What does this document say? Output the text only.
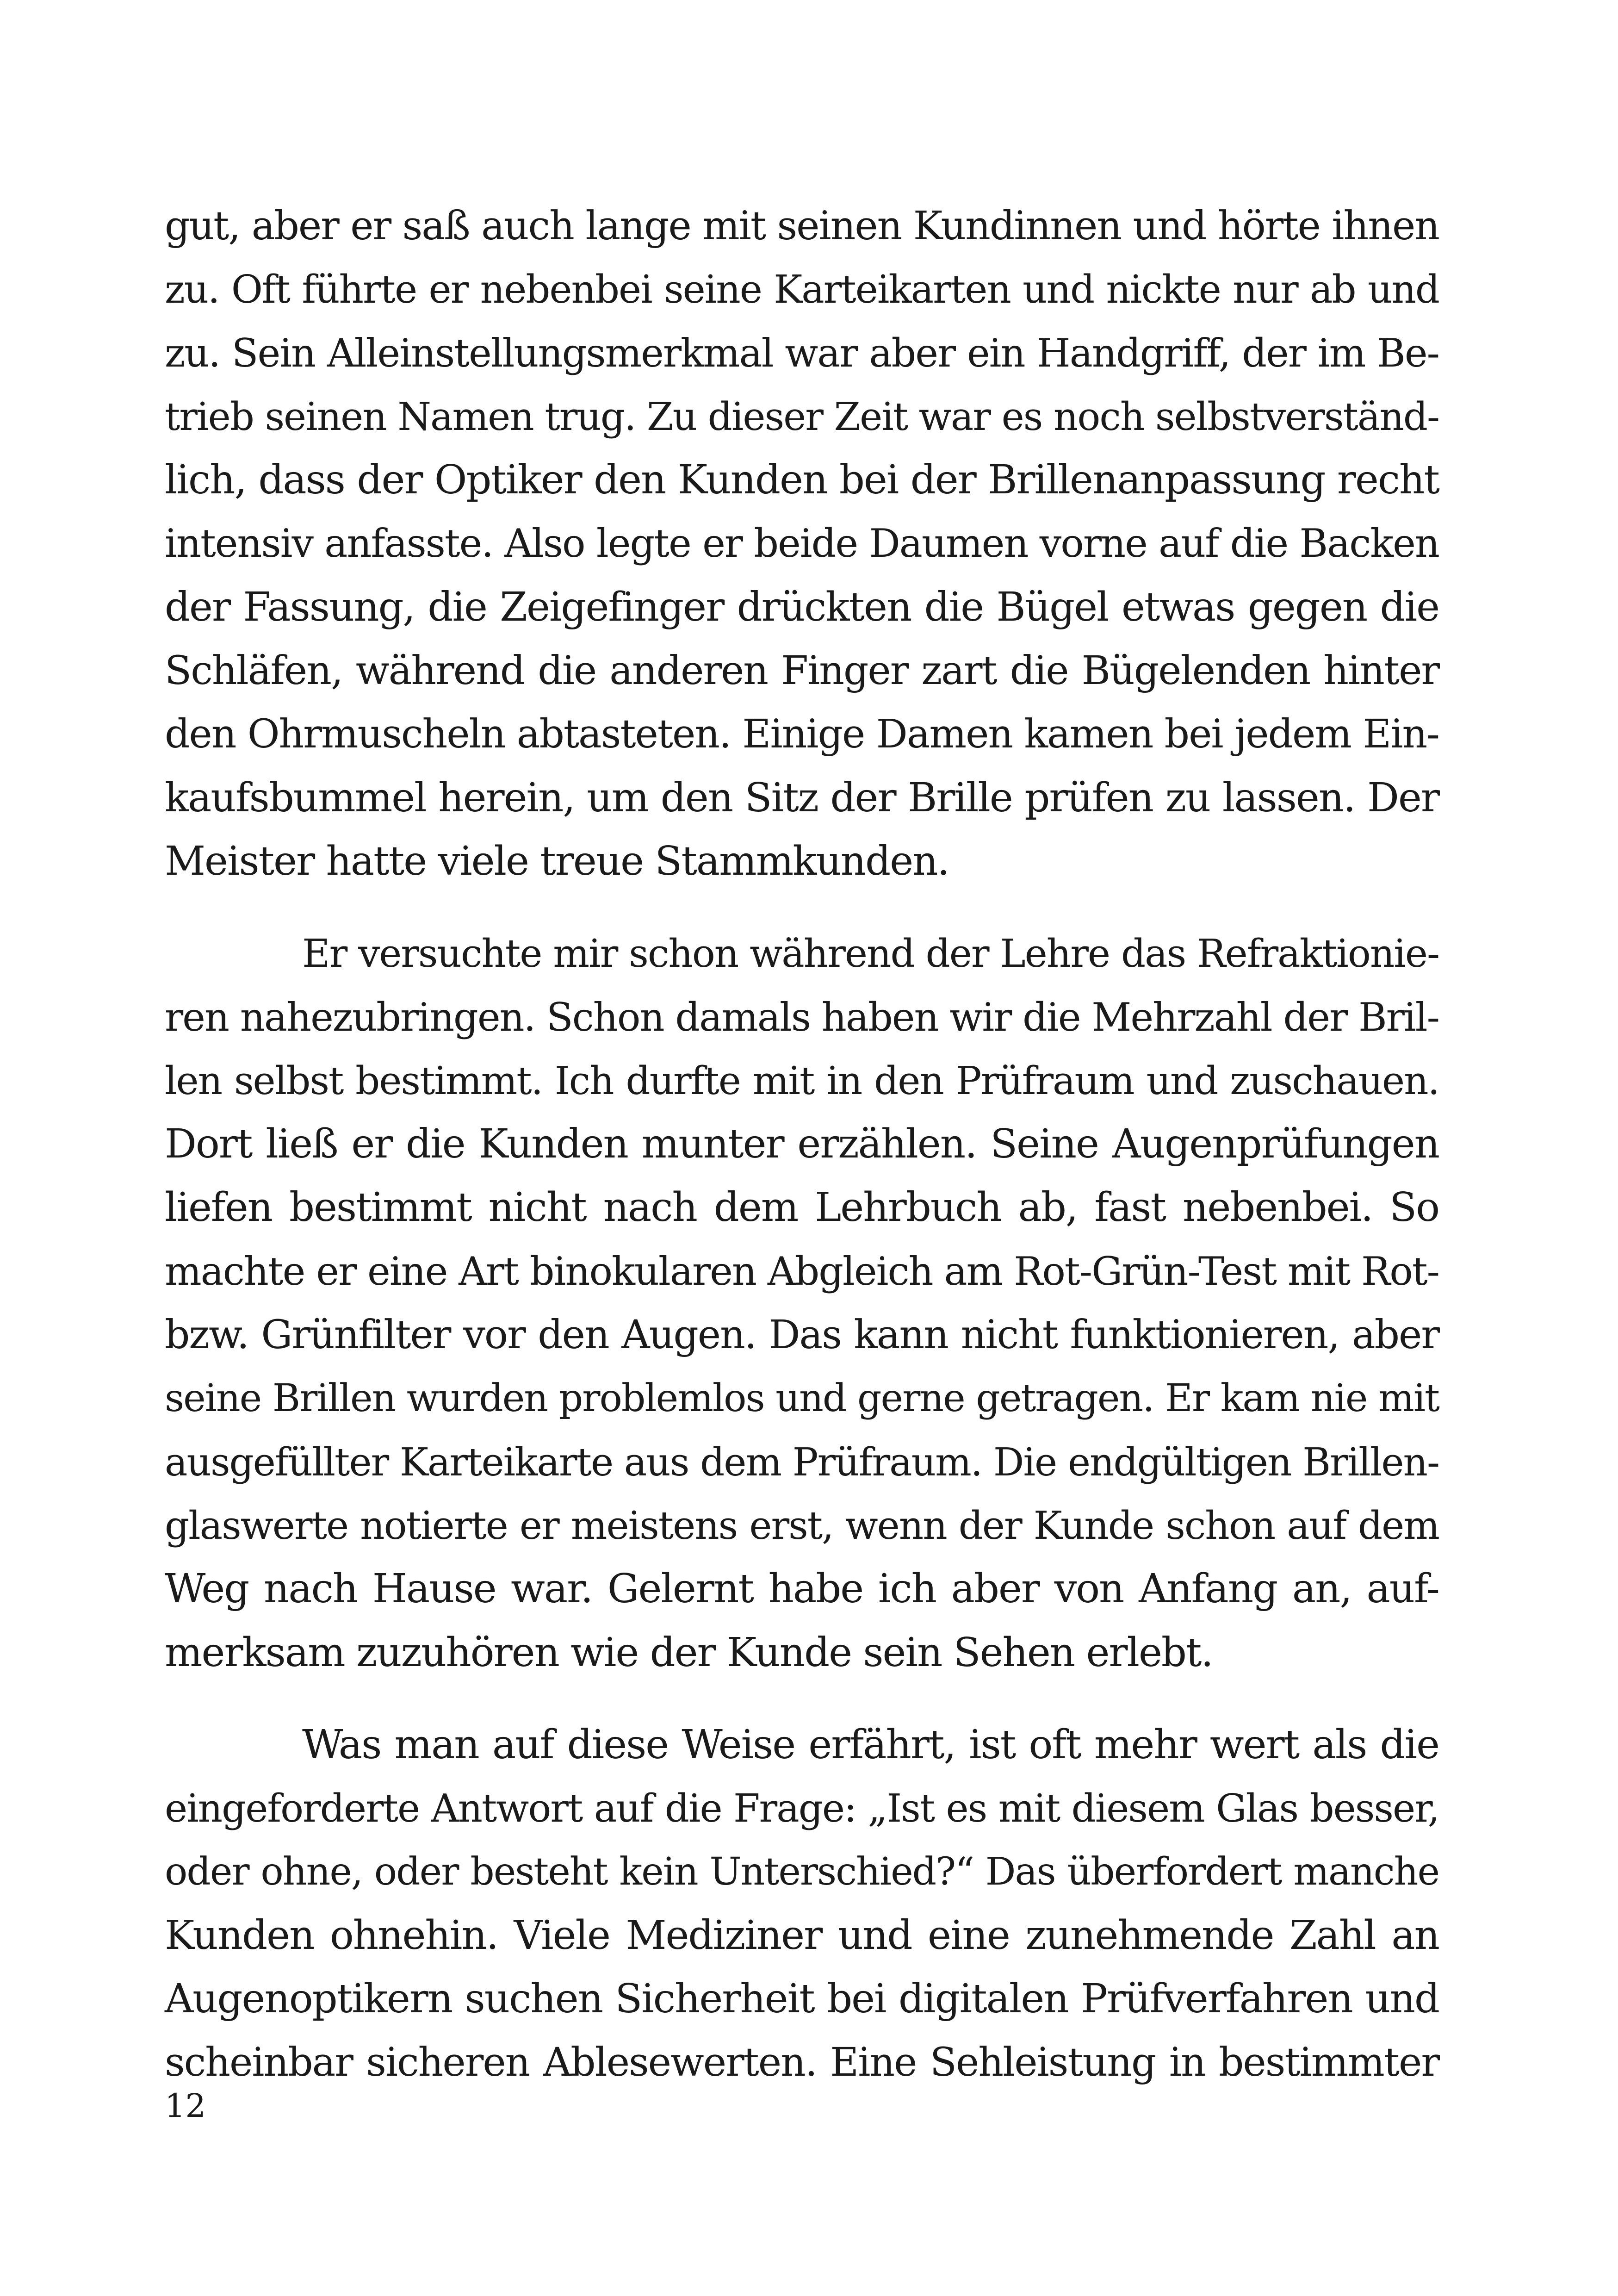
gut, aber er saß auch lange mit seinen Kundinnen und hörte ihnen
zu. Oft führte er nebenbei seine Karteikarten und nickte nur ab und
zu. Sein Alleinstellungsmerkmal war aber ein Handgriff, der im Be-
trieb seinen Namen trug. Zu dieser Zeit war es noch selbstverständ-
lich, dass der Optiker den Kunden bei der Brillenanpassung recht
intensiv anfasste. Also legte er beide Daumen vorne auf die Backen
der Fassung, die Zeigefinger drückten die Bügel etwas gegen die
Schläfen, während die anderen Finger zart die Bügelenden hinter
den Ohrmuscheln abtasteten. Einige Damen kamen bei jedem Ein-
kaufsbummel herein, um den Sitz der Brille prüfen zu lassen. Der
Meister hatte viele treue Stammkunden.

Er versuchte mir schon während der Lehre das Refraktionie-
ren nahezubringen. Schon damals haben wir die Mehrzahl der Bril-
len selbst bestimmt. Ich durfte mit in den Prüfraum und zuschauen.
Dort ließ er die Kunden munter erzählen. Seine Augenprüfungen
liefen bestimmt nicht nach dem Lehrbuch ab, fast nebenbei. So
machte er eine Art binokularen Abgleich am Rot-Grün-Test mit Rot-
bzw. Grünfilter vor den Augen. Das kann nicht funktionieren, aber
seine Brillen wurden problemlos und gerne getragen. Er kam nie mit
ausgefüllter Karteikarte aus dem Prüfraum. Die endgültigen Brillen-
glaswerte notierte er meistens erst, wenn der Kunde schon auf dem
Weg nach Hause war. Gelernt habe ich aber von Anfang an, auf-
merksam zuzuhören wie der Kunde sein Sehen erlebt.

Was man auf diese Weise erfährt, ist oft mehr wert als die
eingeforderte Antwort auf die Frage: „Ist es mit diesem Glas besser,
oder ohne, oder besteht kein Unterschied?“ Das überfordert manche
Kunden ohnehin. Viele Mediziner und eine zunehmende Zahl an
Augenoptikern suchen Sicherheit bei digitalen Prüfverfahren und
scheinbar sicheren Ablesewerten. Eine Sehleistung in bestimmter

12
